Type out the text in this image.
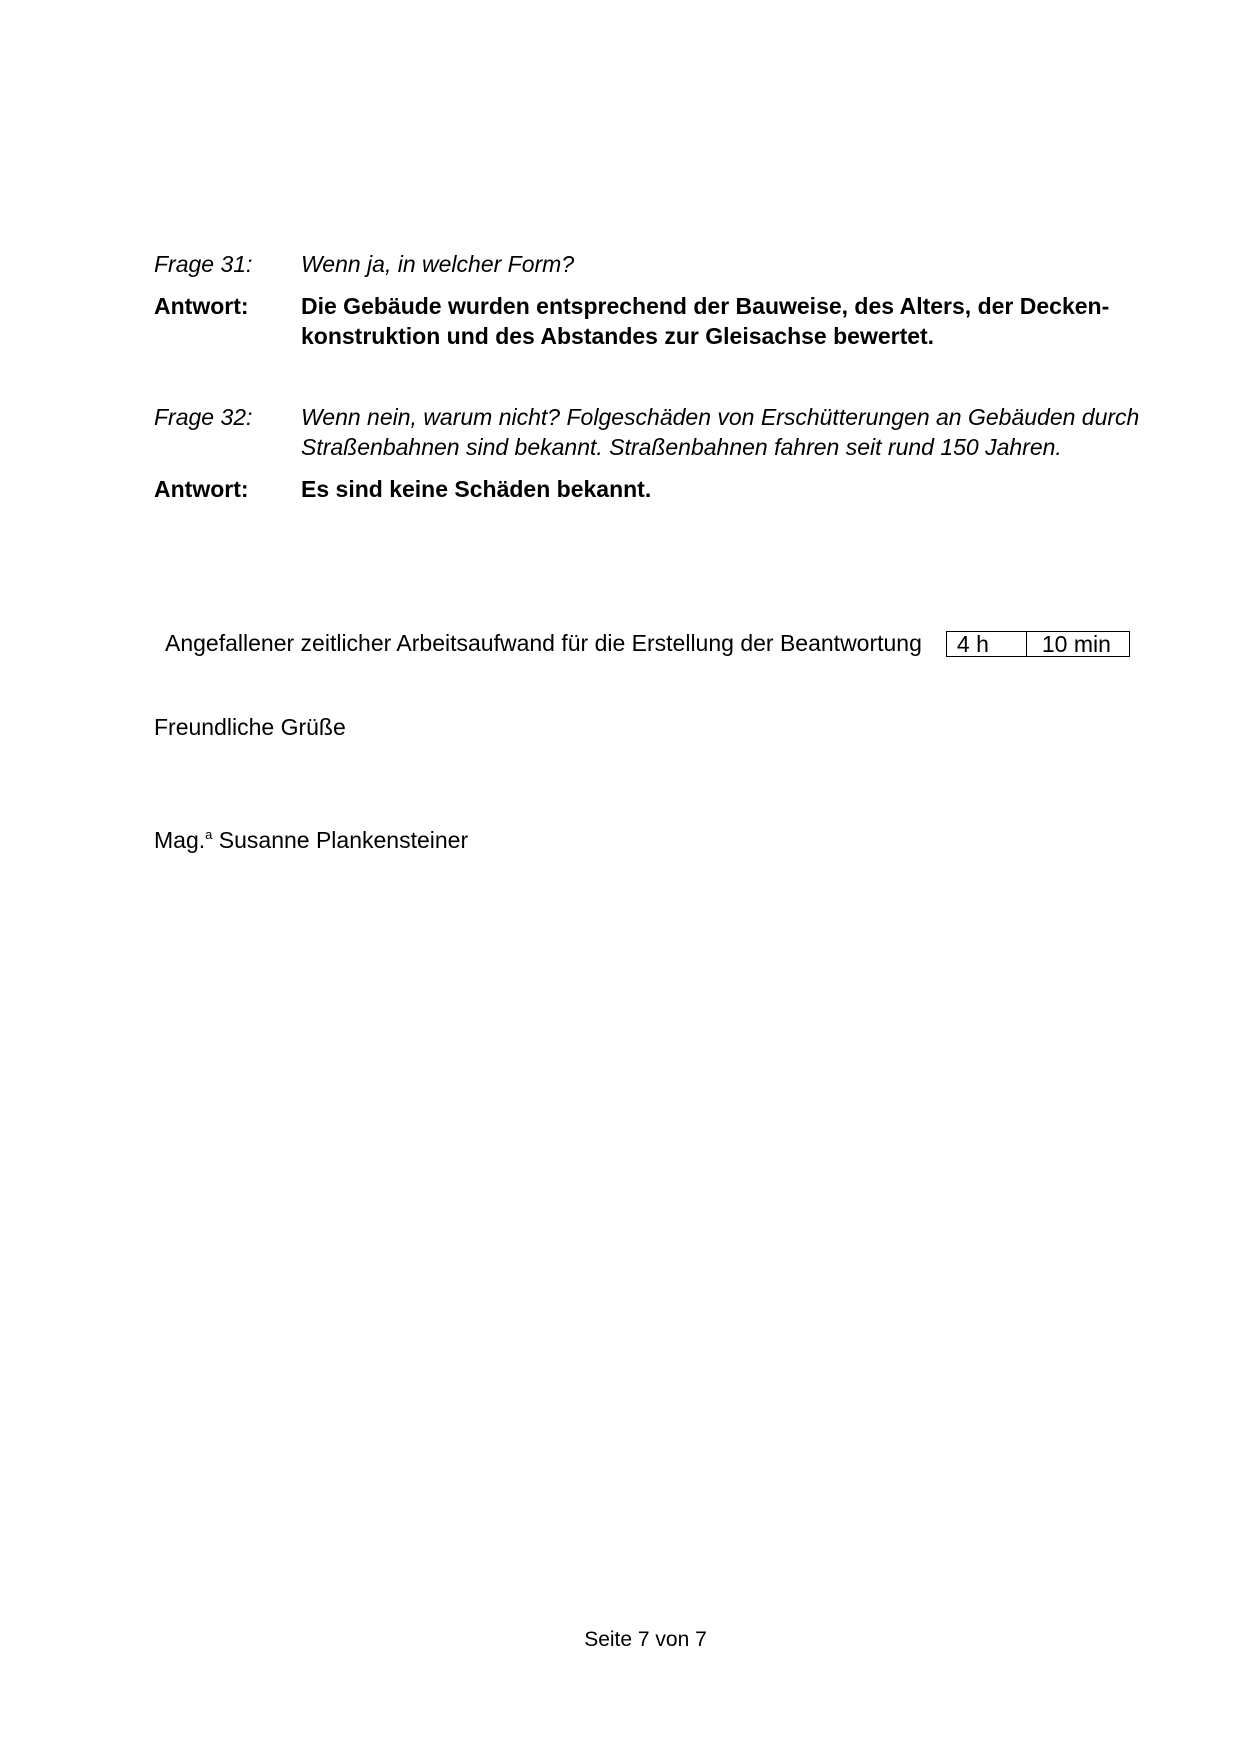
Frage 31:	Wenn ja, in welcher Form?
Antwort:	Die Gebäude wurden entsprechend der Bauweise, des Alters, der Decken-konstruktion und des Abstandes zur Gleisachse bewertet.
Frage 32:	Wenn nein, warum nicht? Folgeschäden von Erschütterungen an Gebäuden durch Straßenbahnen sind bekannt. Straßenbahnen fahren seit rund 150 Jahren.
Antwort:	Es sind keine Schäden bekannt.
Angefallener zeitlicher Arbeitsaufwand für die Erstellung der Beantwortung 4 h	10 min
Freundliche Grüße
Mag.$^a$ Susanne Plankensteiner
Seite 7 von 7
